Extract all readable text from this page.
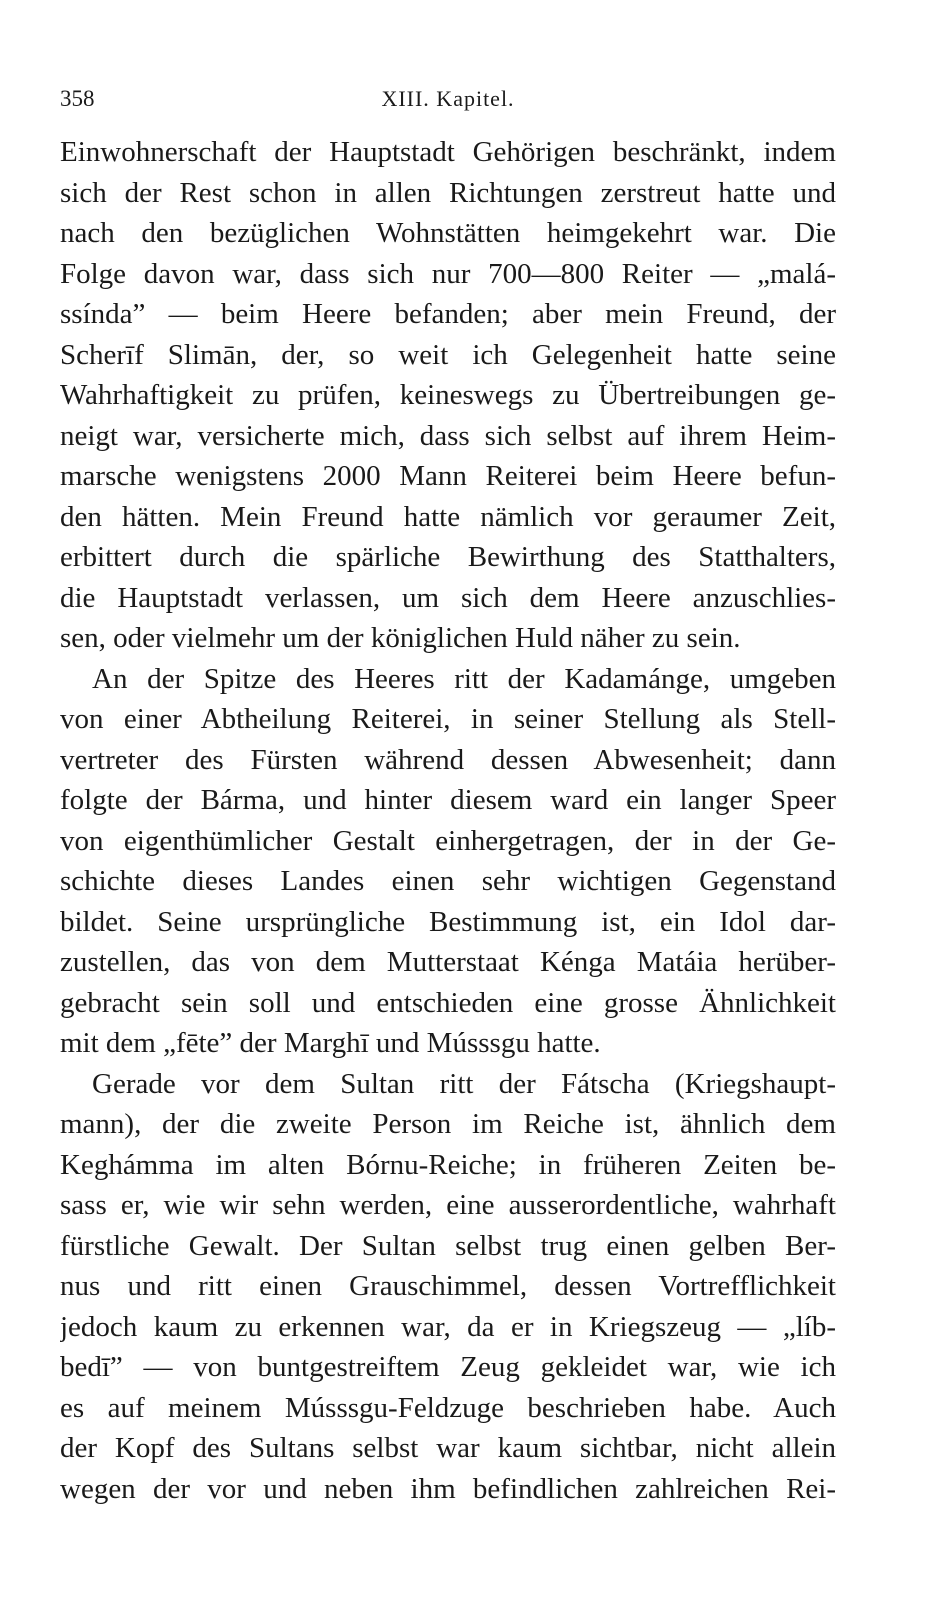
358	XIII. Kapitel.
Einwohnerschaft der Hauptstadt Gehörigen beschränkt, indem
sich der Rest schon in allen Richtungen zerstreut hatte und
nach den bezüglichen Wohnstätten heimgekehrt war. Die
Folge davon war, dass sich nur 700—800 Reiter — „malá-
ssínda” — beim Heere befanden; aber mein Freund, der
Scherīf Slimān, der, so weit ich Gelegenheit hatte seine
Wahrhaftigkeit zu prüfen, keineswegs zu Übertreibungen ge-
neigt war, versicherte mich, dass sich selbst auf ihrem Heim-
marsche wenigstens 2000 Mann Reiterei beim Heere befun-
den hätten. Mein Freund hatte nämlich vor geraumer Zeit,
erbittert durch die spärliche Bewirthung des Statthalters,
die Hauptstadt verlassen, um sich dem Heere anzuschlies-
sen, oder vielmehr um der königlichen Huld näher zu sein.
An der Spitze des Heeres ritt der Kadamánge, umgeben
von einer Abtheilung Reiterei, in seiner Stellung als Stell-
vertreter des Fürsten während dessen Abwesenheit; dann
folgte der Bárma, und hinter diesem ward ein langer Speer
von eigenthümlicher Gestalt einhergetragen, der in der Ge-
schichte dieses Landes einen sehr wichtigen Gegenstand
bildet. Seine ursprüngliche Bestimmung ist, ein Idol dar-
zustellen, das von dem Mutterstaat Kénga Matáia herüber-
gebracht sein soll und entschieden eine grosse Ähnlichkeit
mit dem „fēte” der Marghī und Músssgu hatte.
Gerade vor dem Sultan ritt der Fátscha (Kriegshaupt-
mann), der die zweite Person im Reiche ist, ähnlich dem
Keghámma im alten Bórnu-Reiche; in früheren Zeiten be-
sass er, wie wir sehn werden, eine ausserordentliche, wahrhaft
fürstliche Gewalt. Der Sultan selbst trug einen gelben Ber-
nus und ritt einen Grauschimmel, dessen Vortrefflichkeit
jedoch kaum zu erkennen war, da er in Kriegszeug — „líb-
bedī” — von buntgestreiftem Zeug gekleidet war, wie ich
es auf meinem Músssgu-Feldzuge beschrieben habe. Auch
der Kopf des Sultans selbst war kaum sichtbar, nicht allein
wegen der vor und neben ihm befindlichen zahlreichen Rei-
